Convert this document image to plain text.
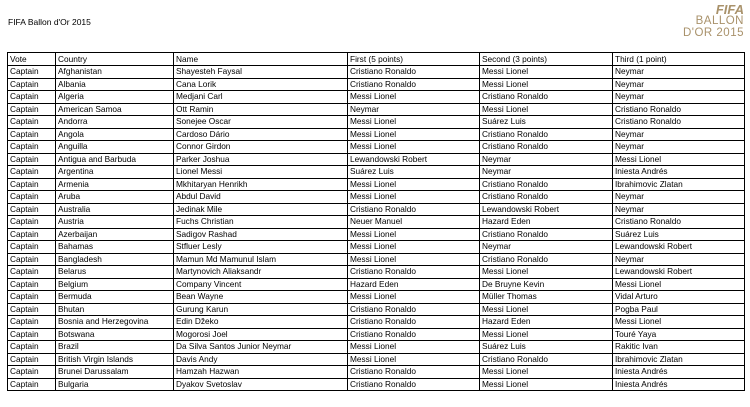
FIFA Ballon d'Or 2015
FIFA
BALLON
D'OR 2015
Vote	Country	Name	First (5 points)	Second (3 points)	Third (1 point)
Captain	Afghanistan	Shayesteh Faysal	Cristiano Ronaldo	Messi Lionel	Neymar
Captain	Albania	Cana Lorik	Cristiano Ronaldo	Messi Lionel	Neymar
Captain	Algeria	Medjani Carl	Messi Lionel	Cristiano Ronaldo	Neymar
Captain	American Samoa	Ott Ramin	Neymar	Messi Lionel	Cristiano Ronaldo
Captain	Andorra	Sonejee Oscar	Messi Lionel	Suárez Luis	Cristiano Ronaldo
Captain	Angola	Cardoso Dário	Messi Lionel	Cristiano Ronaldo	Neymar
Captain	Anguilla	Connor Girdon	Messi Lionel	Cristiano Ronaldo	Neymar
Captain	Antigua and Barbuda	Parker Joshua	Lewandowski Robert	Neymar	Messi Lionel
Captain	Argentina	Lionel Messi	Suárez Luis	Neymar	Iniesta Andrés
Captain	Armenia	Mkhitaryan Henrikh	Messi Lionel	Cristiano Ronaldo	Ibrahimovic Zlatan
Captain	Aruba	Abdul David	Messi Lionel	Cristiano Ronaldo	Neymar
Captain	Australia	Jedinak Mile	Cristiano Ronaldo	Lewandowski Robert	Neymar
Captain	Austria	Fuchs Christian	Neuer Manuel	Hazard Eden	Cristiano Ronaldo
Captain	Azerbaijan	Sadigov Rashad	Messi Lionel	Cristiano Ronaldo	Suárez Luis
Captain	Bahamas	Stfluer Lesly	Messi Lionel	Neymar	Lewandowski Robert
Captain	Bangladesh	Mamun Md Mamunul Islam	Messi Lionel	Cristiano Ronaldo	Neymar
Captain	Belarus	Martynovich Aliaksandr	Cristiano Ronaldo	Messi Lionel	Lewandowski Robert
Captain	Belgium	Company Vincent	Hazard Eden	De Bruyne Kevin	Messi Lionel
Captain	Bermuda	Bean Wayne	Messi Lionel	Müller Thomas	Vidal Arturo
Captain	Bhutan	Gurung Karun	Cristiano Ronaldo	Messi Lionel	Pogba Paul
Captain	Bosnia and Herzegovina	Edin Džeko	Cristiano Ronaldo	Hazard Eden	Messi Lionel
Captain	Botswana	Mogorosi Joel	Cristiano Ronaldo	Messi Lionel	Touré Yaya
Captain	Brazil	Da Silva Santos Junior Neymar	Messi Lionel	Suárez Luis	Rakitic Ivan
Captain	British Virgin Islands	Davis Andy	Messi Lionel	Cristiano Ronaldo	Ibrahimovic Zlatan
Captain	Brunei Darussalam	Hamzah Hazwan	Cristiano Ronaldo	Messi Lionel	Iniesta Andrés
Captain	Bulgaria	Dyakov Svetoslav	Cristiano Ronaldo	Messi Lionel	Iniesta Andrés
